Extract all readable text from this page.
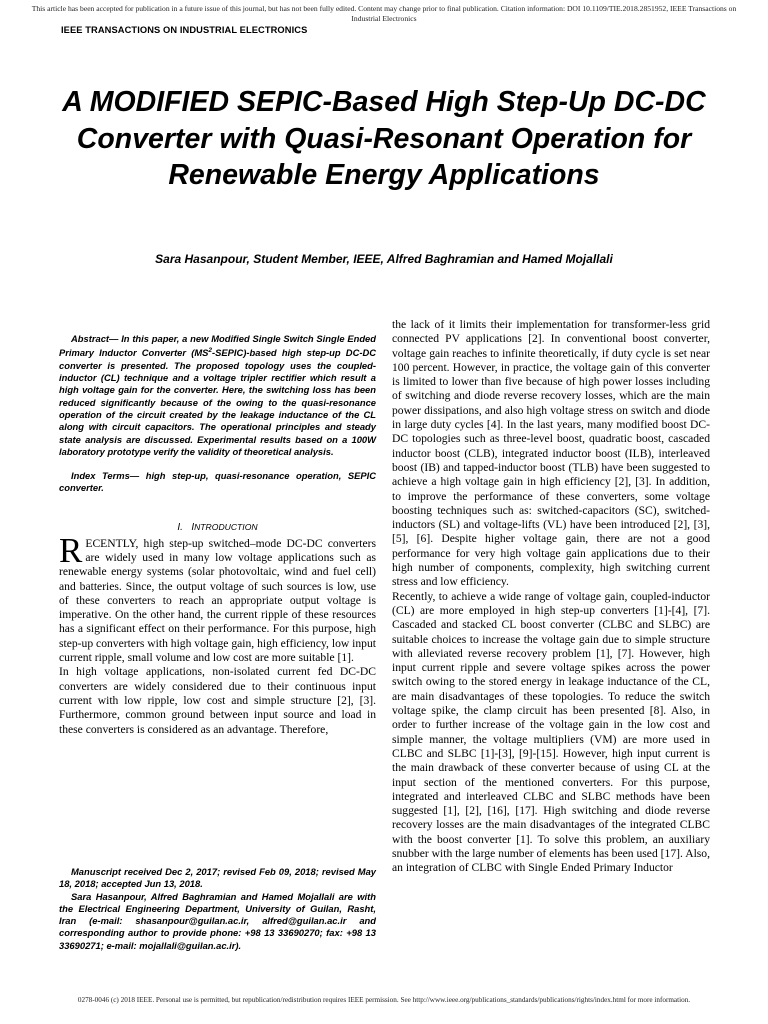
This article has been accepted for publication in a future issue of this journal, but has not been fully edited. Content may change prior to final publication. Citation information: DOI 10.1109/TIE.2018.2851952, IEEE Transactions on Industrial Electronics
IEEE TRANSACTIONS ON INDUSTRIAL ELECTRONICS
A MODIFIED SEPIC-Based High Step-Up DC-DC Converter with Quasi-Resonant Operation for Renewable Energy Applications
Sara Hasanpour, Student Member, IEEE, Alfred Baghramian and Hamed Mojallali

Abstract— In this paper, a new Modified Single Switch Single Ended Primary Inductor Converter $(MS^2-SEPIC)$-based high step-up DC-DC converter is presented. The proposed topology uses the coupled-inductor (CL) technique and a voltage tripler rectifier which result a high voltage gain for the converter. Here, the switching loss has been reduced significantly because of the owing to the quasi-resonance operation of the circuit created by the leakage inductance of the CL along with circuit capacitors. The operational principles and steady state analysis are discussed. Experimental results based on a 100W laboratory prototype verify the validity of theoretical analysis.

Index Terms— high step-up, quasi-resonance operation, SEPIC converter.

I. INTRODUCTION

RECENTLY, high step-up switched–mode DC-DC converters are widely used in many low voltage applications such as renewable energy systems (solar photovoltaic, wind and fuel cell) and batteries. Since, the output voltage of such sources is low, use of these converters to reach an appropriate output voltage is imperative. On the other hand, the current ripple of these resources has a significant effect on their performance. For this purpose, high step-up converters with high voltage gain, high efficiency, low input current ripple, small volume and low cost are more suitable [1].

In high voltage applications, non-isolated current fed DC-DC converters are widely considered due to their continuous input current with low ripple, low cost and simple structure [2], [3]. Furthermore, common ground between input source and load in these converters is considered as an advantage. Therefore,

Manuscript received Dec 2, 2017; revised Feb 09, 2018; revised May 18, 2018; accepted Jun 13, 2018.

Sara Hasanpour, Alfred Baghramian and Hamed Mojallali are with the Electrical Engineering Department, University of Guilan, Rasht, Iran (e-mail: shasanpour@guilan.ac.ir, alfred@guilan.ac.ir and corresponding author to provide phone: +98 13 33690270; fax: +98 13 33690271; e-mail: mojallali@guilan.ac.ir).

the lack of it limits their implementation for transformer-less grid connected PV applications [2]. In conventional boost converter, voltage gain reaches to infinite theoretically, if duty cycle is set near 100 percent. However, in practice, the voltage gain of this converter is limited to lower than five because of high power losses including of switching and diode reverse recovery losses, which are the main power dissipations, and also high voltage stress on switch and diode in large duty cycles [4]. In the last years, many modified boost DC-DC topologies such as three-level boost, quadratic boost, cascaded inductor boost (CLB), integrated inductor boost (ILB), interleaved boost (IB) and tapped-inductor boost (TLB) have been suggested to achieve a high voltage gain in high efficiency [2], [3]. In addition, to improve the performance of these converters, some voltage boosting techniques such as: switched-capacitors (SC), switched-inductors (SL) and voltage-lifts (VL) have been introduced [2], [3], [5], [6]. Despite higher voltage gain, there are not a good performance for very high voltage gain applications due to their high number of components, complexity, high switching current stress and low efficiency.

Recently, to achieve a wide range of voltage gain, coupled-inductor (CL) are more employed in high step-up converters [1]-[4], [7]. Cascaded and stacked CL boost converter (CLBC and SLBC) are suitable choices to increase the voltage gain due to simple structure with alleviated reverse recovery problem [1], [7]. However, high input current ripple and severe voltage spikes across the power switch owing to the stored energy in leakage inductance of the CL, are main disadvantages of these topologies. To reduce the switch voltage spike, the clamp circuit has been presented [8]. Also, in order to further increase of the voltage gain in the low cost and simple manner, the voltage multipliers (VM) are more used in CLBC and SLBC [1]-[3], [9]-[15]. However, high input current is the main drawback of these converter because of using CL at the input section of the mentioned converters. For this purpose, integrated and interleaved CLBC and SLBC methods have been suggested [1], [2], [16], [17]. High switching and diode reverse recovery losses are the main disadvantages of the integrated CLBC with the boost converter [1]. To solve this problem, an auxiliary snubber with the large number of elements has been used [17]. Also, an integration of CLBC with Single Ended Primary Inductor

0278-0046 (c) 2018 IEEE. Personal use is permitted, but republication/redistribution requires IEEE permission. See http://www.ieee.org/publications_standards/publications/rights/index.html for more information.
